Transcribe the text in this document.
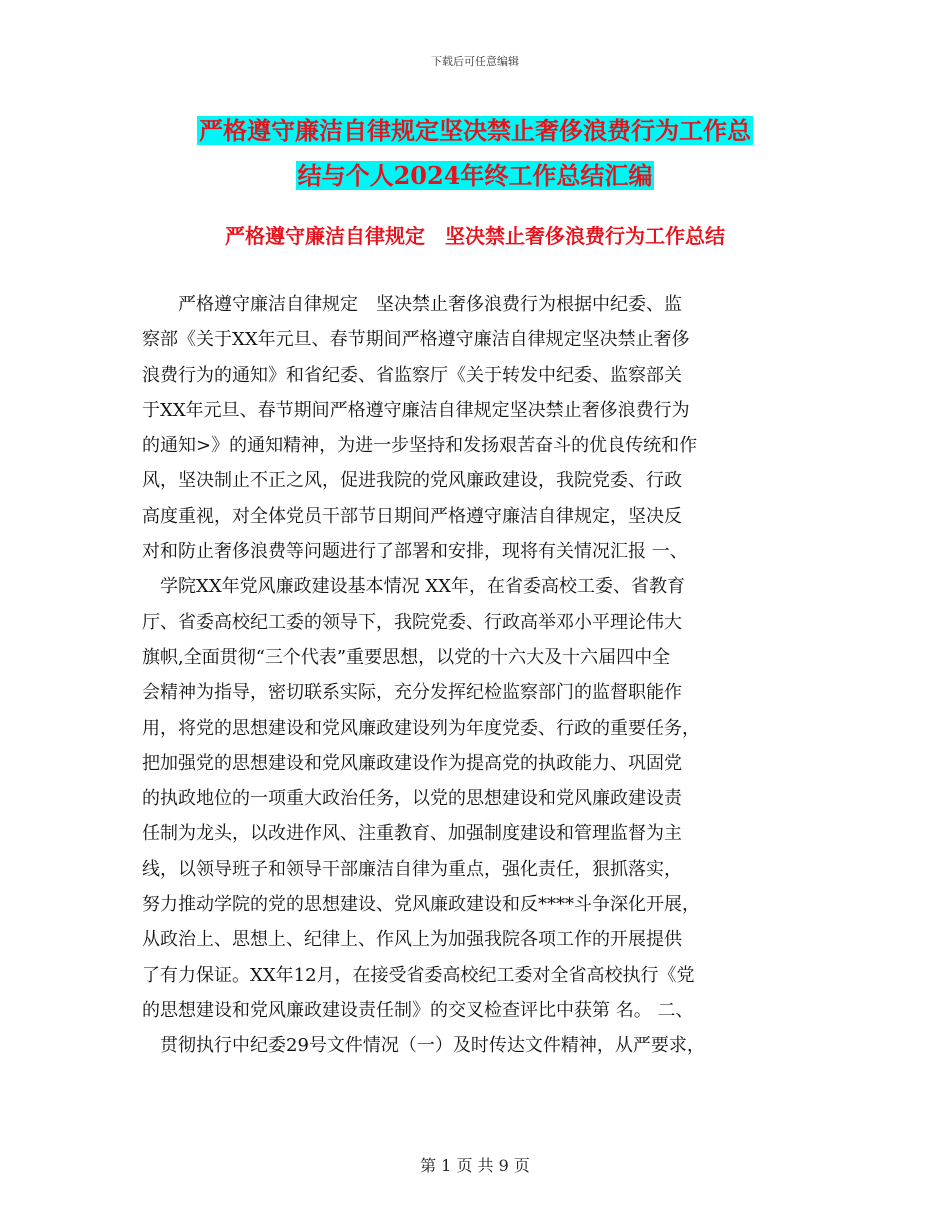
下载后可任意编辑
严格遵守廉洁自律规定坚决禁止奢侈浪费行为工作总
结与个人2024年终工作总结汇编
严格遵守廉洁自律规定　坚决禁止奢侈浪费行为工作总结
　　严格遵守廉洁自律规定　坚决禁止奢侈浪费行为根据中纪委、监
察部《关于XX年元旦、春节期间严格遵守廉洁自律规定坚决禁止奢侈
浪费行为的通知》和省纪委、省监察厅《关于转发中纪委、监察部关
于XX年元旦、春节期间严格遵守廉洁自律规定坚决禁止奢侈浪费行为
的通知>》的通知精神，为进一步坚持和发扬艰苦奋斗的优良传统和作
风，坚决制止不正之风，促进我院的党风廉政建设，我院党委、行政
高度重视，对全体党员干部节日期间严格遵守廉洁自律规定，坚决反
对和防止奢侈浪费等问题进行了部署和安排，现将有关情况汇报 一、
　学院XX年党风廉政建设基本情况 XX年，在省委高校工委、省教育
厅、省委高校纪工委的领导下，我院党委、行政高举邓小平理论伟大
旗帜,全面贯彻“三个代表”重要思想，以党的十六大及十六届四中全
会精神为指导，密切联系实际，充分发挥纪检监察部门的监督职能作
用，将党的思想建设和党风廉政建设列为年度党委、行政的重要任务，
把加强党的思想建设和党风廉政建设作为提高党的执政能力、巩固党
的执政地位的一项重大政治任务，以党的思想建设和党风廉政建设责
任制为龙头，以改进作风、注重教育、加强制度建设和管理监督为主
线，以领导班子和领导干部廉洁自律为重点，强化责任，狠抓落实，
努力推动学院的党的思想建设、党风廉政建设和反****斗争深化开展，
从政治上、思想上、纪律上、作风上为加强我院各项工作的开展提供
了有力保证。XX年12月，在接受省委高校纪工委对全省高校执行《党
的思想建设和党风廉政建设责任制》的交叉检查评比中获第 名。 二、
　贯彻执行中纪委29号文件情况（一）及时传达文件精神，从严要求，
第 1 页 共 9 页
